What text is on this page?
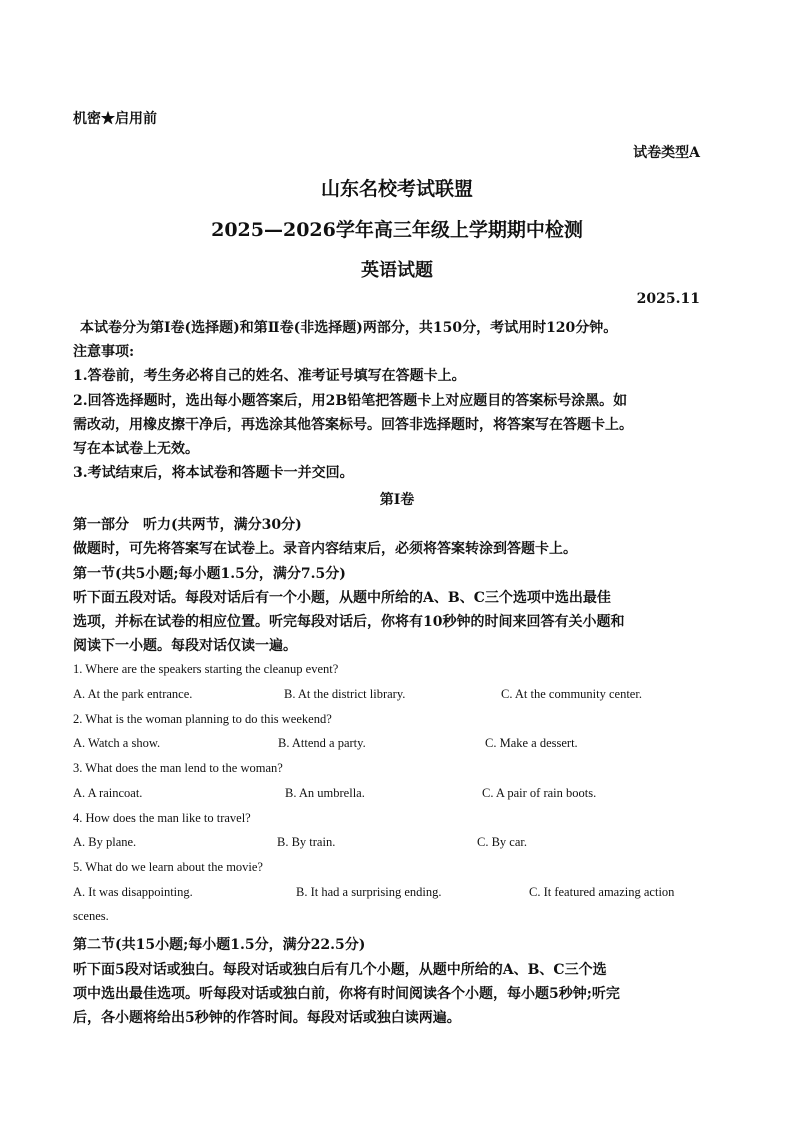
机密★启用前
试卷类型A
山东名校考试联盟
2025—2026学年高三年级上学期期中检测
英语试题
2025.11
本试卷分为第Ⅰ卷(选择题)和第Ⅱ卷(非选择题)两部分，共150分，考试用时120分钟。
注意事项:
1.答卷前，考生务必将自己的姓名、准考证号填写在答题卡上。
2.回答选择题时，选出每小题答案后，用2B铅笔把答题卡上对应题目的答案标号涂黑。如
需改动，用橡皮擦干净后，再选涂其他答案标号。回答非选择题时，将答案写在答题卡上。
写在本试卷上无效。
3.考试结束后，将本试卷和答题卡一并交回。
第Ⅰ卷
第一部分　听力(共两节，满分30分)
做题时，可先将答案写在试卷上。录音内容结束后，必须将答案转涂到答题卡上。
第一节(共5小题;每小题1.5分，满分7.5分)
听下面五段对话。每段对话后有一个小题，从题中所给的A、B、C三个选项中选出最佳
选项，并标在试卷的相应位置。听完每段对话后，你将有10秒钟的时间来回答有关小题和
阅读下一小题。每段对话仅读一遍。
1. Where are the speakers starting the cleanup event?
A. At the park entrance.	B. At the district library.	C. At the community center.
2. What is the woman planning to do this weekend?
A. Watch a show.	B. Attend a party.	C. Make a dessert.
3. What does the man lend to the woman?
A. A raincoat.	B. An umbrella.	C. A pair of rain boots.
4. How does the man like to travel?
A. By plane.	B. By train.	C. By car.
5. What do we learn about the movie?
A. It was disappointing.	B. It had a surprising ending.	C. It featured amazing action
scenes.
第二节(共15小题;每小题1.5分，满分22.5分)
听下面5段对话或独白。每段对话或独白后有几个小题，从题中所给的A、B、C三个选
项中选出最佳选项。听每段对话或独白前，你将有时间阅读各个小题，每小题5秒钟;听完
后，各小题将给出5秒钟的作答时间。每段对话或独白读两遍。
